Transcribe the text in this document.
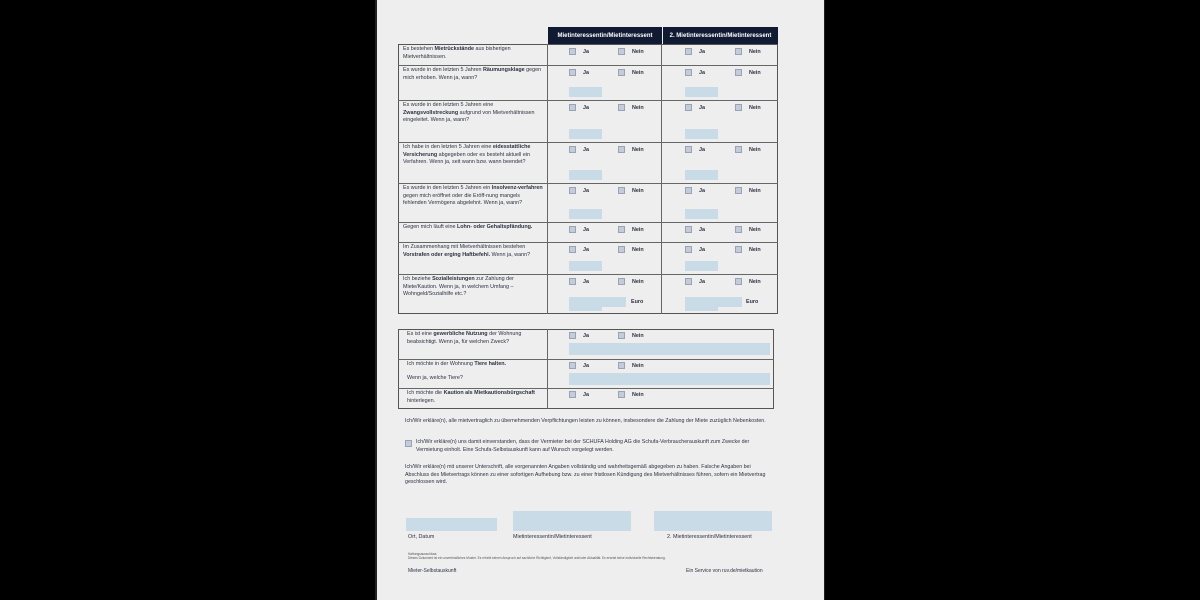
Mietinteressentin/Mietinteressent	2. Mietinteressentin/Mietinteressent
Es bestehen Mietrückstände aus bisherigen Mietverhältnissen.
Ja	Nein	Ja	Nein
Es wurde in den letzten 5 Jahren Räumungsklage gegen mich erhoben. Wenn ja, wann?
Ja	Nein	Ja	Nein
Es wurde in den letzten 5 Jahren eine Zwangsvollstreckung aufgrund von Mietverhältnissen eingeleitet. Wenn ja, wann?
Ja	Nein	Ja	Nein
Ich habe in den letzten 5 Jahren eine eidesstattliche Versicherung abgegeben oder es besteht aktuell ein Verfahren. Wenn ja, seit wann bzw. wann beendet?
Ja	Nein	Ja	Nein
Es wurde in den letzten 5 Jahren ein Insolvenz-verfahren gegen mich eröffnet oder die Eröff-nung mangels fehlenden Vermögens abgelehnt. Wenn ja, wann?
Ja	Nein	Ja	Nein
Gegen mich läuft eine Lohn- oder Gehaltspfändung.	Ja	Nein	Ja	Nein
Im Zusammenhang mit Mietverhältnissen bestehen Vorstrafen oder erging Haftbefehl. Wenn ja, wann?
Ja	Nein	Ja	Nein
Ich beziehe Sozialleistungen zur Zahlung der Miete/Kaution. Wenn ja, in welchem Umfang – Wohngeld/Sozialhilfe etc.?
Ja	Nein	Ja	Nein
Euro	Euro
Es ist eine gewerbliche Nutzung der Wohnung beabsichtigt. Wenn ja, für welchen Zweck?
Ja	Nein
Ich möchte in der Wohnung Tiere halten.
Wenn ja, welche Tiere?
Ja	Nein
Ich möchte die Kaution als Mietkautionsbürgschaft hinterlegen.
Ja	Nein
Ich/Wir erkläre(n), alle mietvertraglich zu übernehmenden Verpflichtungen leisten zu können, insbesondere die Zahlung der Miete zuzüglich Nebenkosten.
Ich/Wir erkläre(n) uns damit einverstanden, dass der Vermieter bei der SCHUFA Holding AG die Schufa-Verbraucherauskunft zum Zwecke der Vermietung einholt. Eine Schufa-Selbstauskunft kann auf Wunsch vorgelegt werden.
Ich/Wir erkläre(n) mit unserer Unterschrift, alle vorgenannten Angaben vollständig und wahrheitsgemäß abgegeben zu haben. Falsche Angaben bei Abschluss des Mietvertrags können zu einer sofortigen Aufhebung bzw. zu einer fristlosen Kündigung des Mietverhältnisses führen, sofern ein Mietvertrag geschlossen wird.
Ort, Datum	Mietinteressentin/Mietinteressent	2. Mietinteressentin/Mietinteressent
Haftungsausschluss
Dieses Dokument ist ein unverbindliches Muster. Es erhebt keinen Anspruch auf sachliche Richtigkeit, Vollständigkeit und/oder Aktualität. Es ersetzt keine individuelle Rechtsberatung.
Mieter-Selbstauskunft	Ein Service von ruv.de/mietkaution
